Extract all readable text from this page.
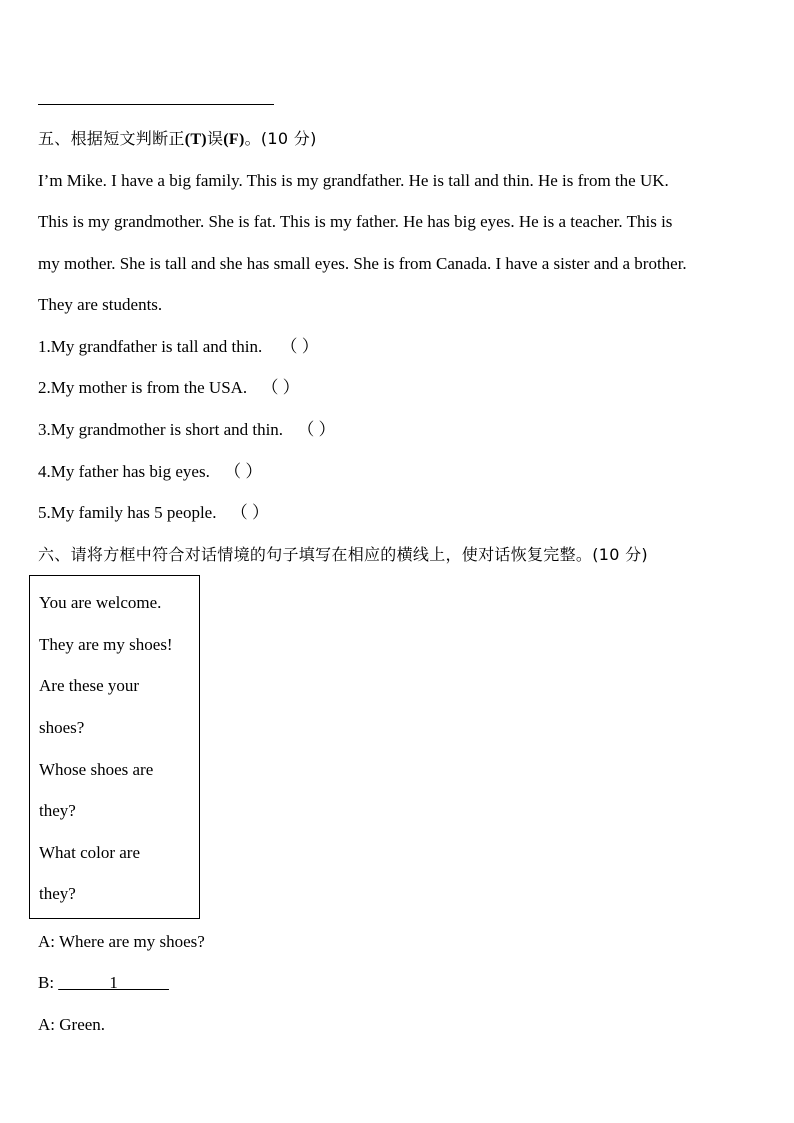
五、根据短文判断正(T)误(F)。(10 分)
I’m Mike. I have a big family. This is my grandfather. He is tall and thin. He is from the UK.
This is my grandmother. She is fat. This is my father. He has big eyes. He is a teacher. This is
my mother. She is tall and she has small eyes. She is from Canada. I have a sister and a brother.
They are students.
1.My grandfather is tall and thin. （ ）
2.My mother is from the USA. （ ）
3.My grandmother is short and thin. （ ）
4.My father has big eyes. （ ）
5.My family has 5 people. （ ）
六、请将方框中符合对话情境的句子填写在相应的横线上，使对话恢复完整。(10 分)
You are welcome.
They are my shoes!
Are these your
shoes?
Whose shoes are
they?
What color are
they?
A: Where are my shoes?
B: ______1______
A: Green.
